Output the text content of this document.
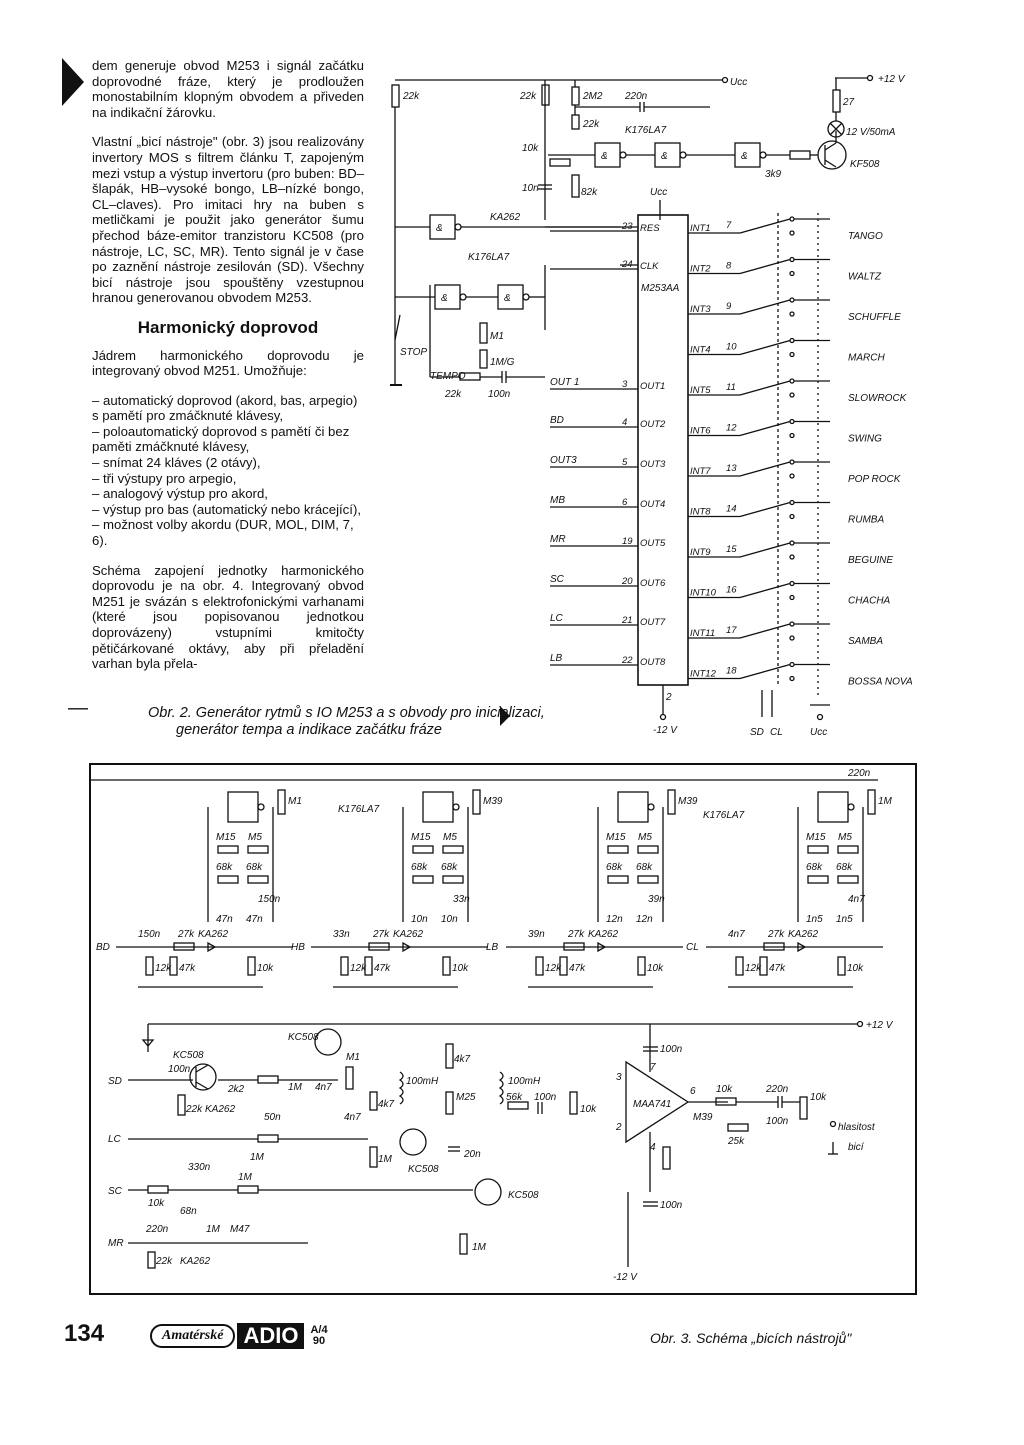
dem generuje obvod M253 i signál začátku doprovodné fráze, který je prodloužen monostabilním klopným obvodem a přiveden na indikační žárovku.

Vlastní „bicí nástroje" (obr. 3) jsou realizovány invertory MOS s filtrem článku T, zapojeným mezi vstup a výstup invertoru (pro buben: BD–šlapák, HB–vysoké bongo, LB–nízké bongo, CL–claves). Pro imitaci hry na buben s metličkami je použit jako generátor šumu přechod báze-emitor tranzistoru KC508 (pro nástroje, LC, SC, MR). Tento signál je v čase po zaznění nástroje zesilován (SD). Všechny bicí nástroje jsou spouštěny vzestupnou hranou generovanou obvodem M253.

Harmonický doprovod

Jádrem harmonického doprovodu je integrovaný obvod M251. Umožňuje:

– automatický doprovod (akord, bas, arpegio) s pamětí pro zmáčknuté klávesy,
– poloautomatický doprovod s pamětí či bez paměti zmáčknuté klávesy,
– snímat 24 kláves (2 otávy),
– tři výstupy pro arpegio,
– analogový výstup pro akord,
– výstup pro bas (automatický nebo krácející),
– možnost volby akordu (DUR, MOL, DIM, 7, 6).

Schéma zapojení jednotky harmonického doprovodu je na obr. 4. Integrovaný obvod M251 je svázán s elektrofonickými varhanami (které jsou popisovanou jednotkou doprovázeny) vstupními kmitočty pětičárkované oktávy, aby při přeladění varhan byla přela-

Ucc	+12 V
22k
STOP
22k	2M2
22k
220n
K176LA7
&	&	&
3k9
KF508
12 V/50mA
27
10k
10n	82k	Ucc
KA262
&
K176LA7
&	&
M1
1M/G
TEMPO
22k	100n
M253AA
RES
23
CLK
24
OUT1
3
OUT 1
OUT2
4
BD
OUT3
5
OUT3
OUT4
6
MB
OUT5
19
MR
OUT6
20
SC
OUT7
21
LC
OUT8
22
LB
INT1 7
TANGO
INT2 8
WALTZ
INT3 9
SCHUFFLE
INT4 10
MARCH
INT5 11
SLOWROCK
INT6 12
SWING
INT7 13
POP ROCK
INT8 14
RUMBA
INT9 15
BEGUINE
INT10 16
CHACHA
INT11 17
SAMBA
INT12 18
BOSSA NOVA
2
-12 V	SD CL	Ucc
—	Obr. 2. Generátor rytmů s IO M253 a s obvody pro inicializaci,
generátor tempa a indikace začátku fráze
220n
M1
K176LA7
M15 M5
68k 68k
150n
47n 47n
BD
150n 27k KA262
12k 47k	10k
M39
M15 M5
68k 68k
33n
10n 10n
HB
33n 27k KA262
12k 47k	10k
M39
K176LA7
M15 M5
68k 68k
39n
12n 12n
LB
39n 27k KA262
12k 47k	10k
1M
M15 M5
68k 68k
4n7
1n5 1n5
CL
4n7 27k KA262
12k 47k	10k
+12 V
KC508
100n
22k KA262
2k2	1M 4n7
50n
KC508
M1
4n7
4k7
4k7
100mH
M25
KC508
1M	20n
100mH
56k 100n
10k	MAA741
3
2
6
7
4
100n
100n
10k
M39
25k
220n
100n
10k
hlasitost
bicí
SD
LC
1M
330n
SC
10k
68n
1M
KC508
MR
220n	1M M47
22k KA262
1M
-12 V
Obr. 3. Schéma „bicích nástrojů"
134	Amatérské ADIO	A/4
90
